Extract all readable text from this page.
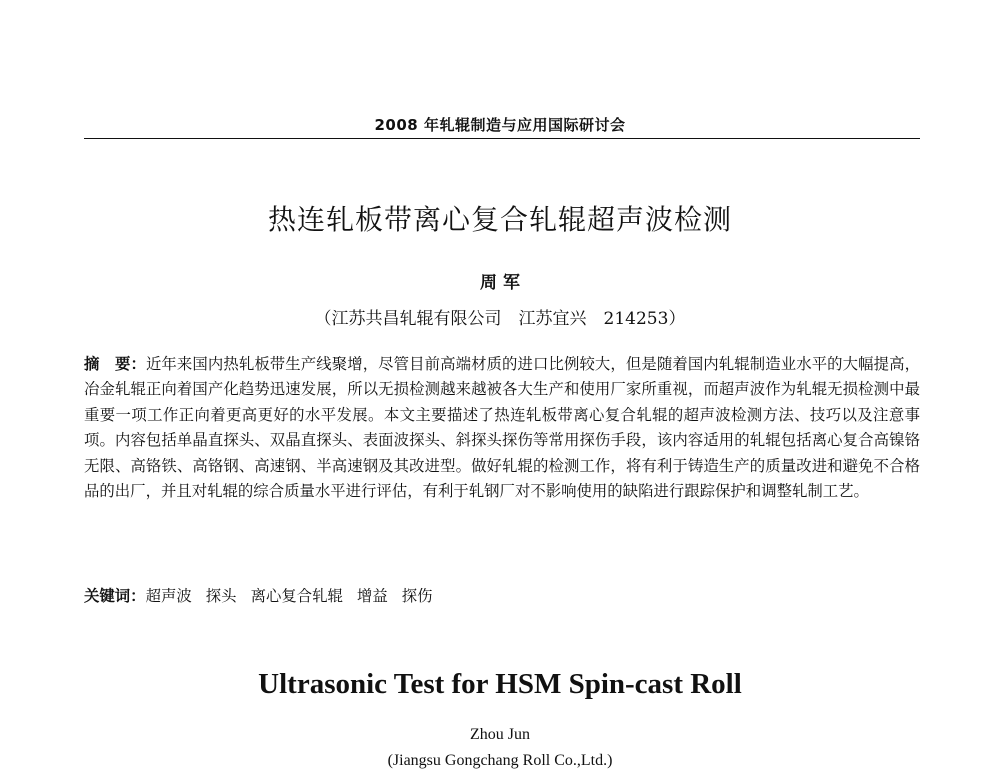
2008 年轧辊制造与应用国际研讨会
热连轧板带离心复合轧辊超声波检测
周 军
（江苏共昌轧辊有限公司　江苏宜兴　214253）

摘　要：近年来国内热轧板带生产线聚增，尽管目前高端材质的进口比例较大，但是随着国内轧辊制造业水平的大幅提高，冶金轧辊正向着国产化趋势迅速发展，所以无损检测越来越被各大生产和使用厂家所重视，而超声波作为轧辊无损检测中最重要一项工作正向着更高更好的水平发展。本文主要描述了热连轧板带离心复合轧辊的超声波检测方法、技巧以及注意事项。内容包括单晶直探头、双晶直探头、表面波探头、斜探头探伤等常用探伤手段，该内容适用的轧辊包括离心复合高镍铬无限、高铬铁、高铬钢、高速钢、半高速钢及其改进型。做好轧辊的检测工作，将有利于铸造生产的质量改进和避免不合格品的出厂，并且对轧辊的综合质量水平进行评估，有利于轧钢厂对不影响使用的缺陷进行跟踪保护和调整轧制工艺。

关键词：超声波 探头 离心复合轧辊 增益 探伤
Ultrasonic Test for HSM Spin-cast Roll
Zhou Jun
(Jiangsu Gongchang Roll Co.,Ltd.)
